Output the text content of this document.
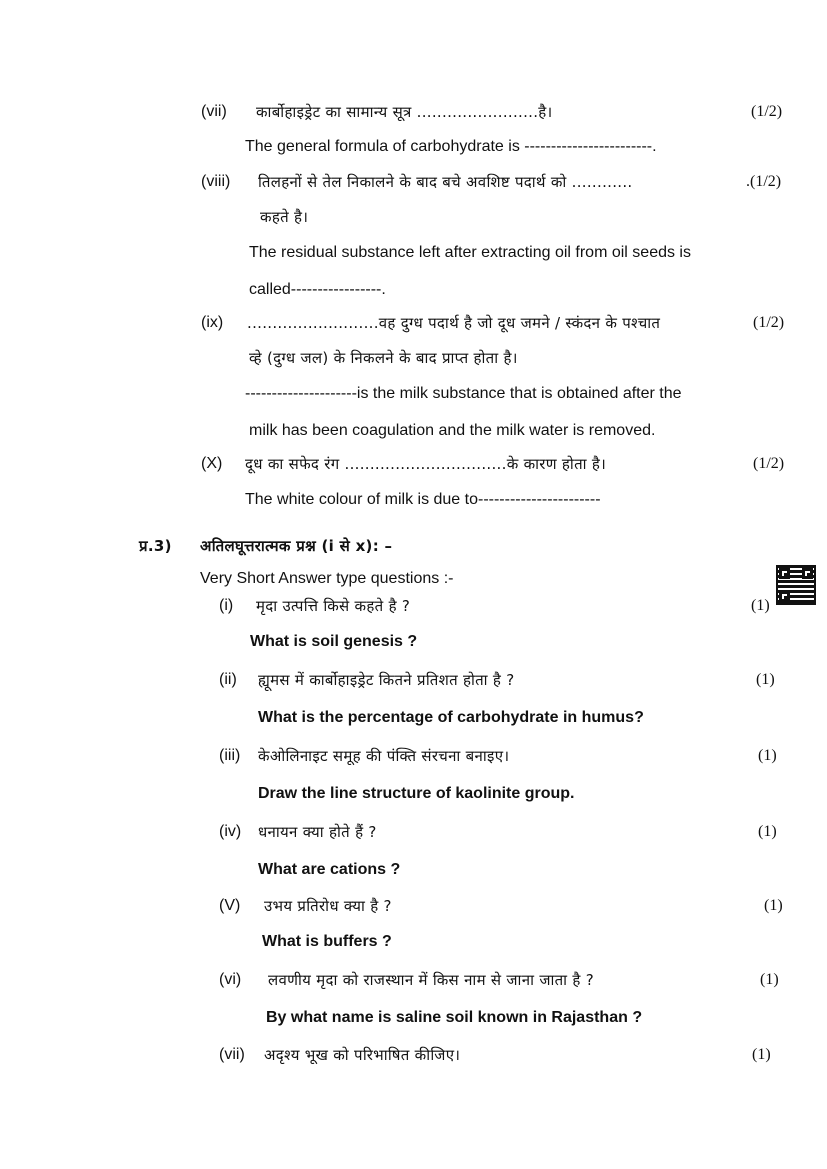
(vii) कार्बोहाइड्रेट का सामान्य सूत्र ........................है।	(1/2)
The general formula of carbohydrate is ------------------------.
(viii) तिलहनों से तेल निकालने के बाद बचे अवशिष्ट पदार्थ को ............	.(1/2)
कहते है।
The residual substance left after extracting oil from oil seeds is
called-----------------.
(ix) ..........................वह दुग्ध पदार्थ है जो दूध जमने / स्कंदन के पश्चात	(1/2)
व्हे (दुग्ध जल) के निकलने के बाद प्राप्त होता है।
---------------------is the milk substance that is obtained after the
milk has been coagulation and the milk water is removed.
(X) दूध का सफेद रंग ................................के कारण होता है।	(1/2)
The white colour of milk is due to-----------------------
प्र.3) अतिलघूत्तरात्मक प्रश्न (i से x): –
Very Short Answer type questions :-
(i) मृदा उत्पत्ति किसे कहते है ?	(1)
What is soil genesis ?
(ii) ह्यूमस में कार्बोहाइड्रेट कितने प्रतिशत होता है ?	(1)
What is the percentage of carbohydrate in humus?
(iii) केओलिनाइट समूह की पंक्ति संरचना बनाइए।	(1)
Draw the line structure of kaolinite group.
(iv) धनायन क्या होते हैं ?	(1)
What are cations ?
(V) उभय प्रतिरोध क्या है ?	(1)
What is buffers ?
(vi) लवणीय मृदा को राजस्थान में किस नाम से जाना जाता है ?	(1)
By what name is saline soil known in Rajasthan ?
(vii) अदृश्य भूख को परिभाषित कीजिए।	(1)
